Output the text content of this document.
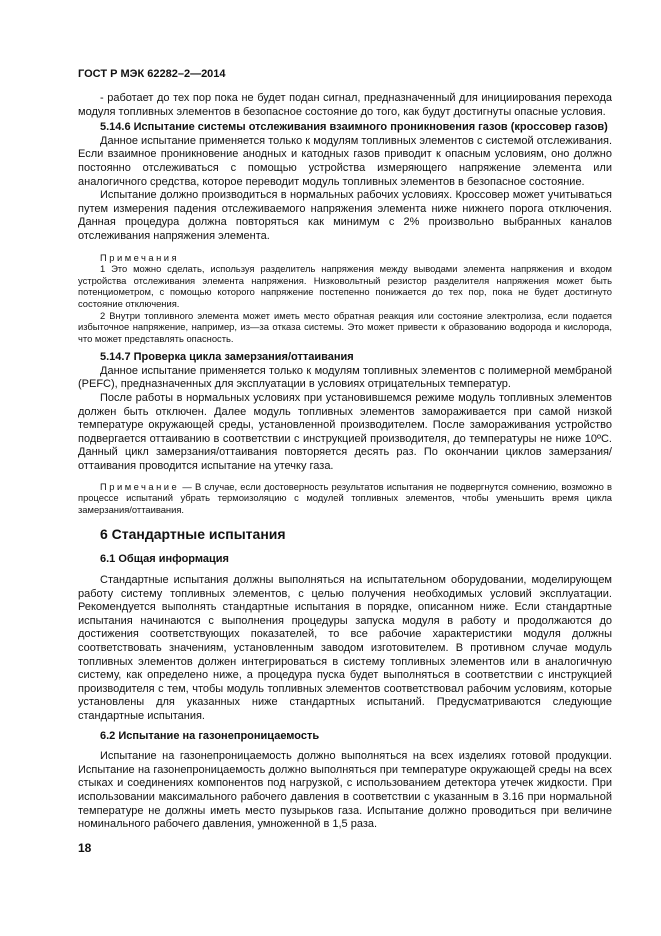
ГОСТ Р МЭК 62282–2—2014

- работает до тех пор пока не будет подан сигнал, предназначенный для инициирования перехода модуля топливных элементов в безопасное состояние до того, как будут достигнуты опасные условия.

5.14.6 Испытание системы отслеживания взаимного проникновения газов (кроссовер газов)

Данное испытание применяется только к модулям топливных элементов с системой отслеживания. Если взаимное проникновение анодных и катодных газов приводит к опасным условиям, оно должно постоянно отслеживаться с помощью устройства измеряющего напряжение элемента или аналогичного средства, которое переводит модуль топливных элементов в безопасное состояние.

Испытание должно производиться в нормальных рабочих условиях. Кроссовер может учитываться путем измерения падения отслеживаемого напряжения элемента ниже нижнего порога отключения. Данная процедура должна повторяться как минимум с 2% произвольно выбранных каналов отслеживания напряжения элемента.

Примечания

1 Это можно сделать, используя разделитель напряжения между выводами элемента напряжения и входом устройства отслеживания элемента напряжения. Низковольтный резистор разделителя напряжения может быть потенциометром, с помощью которого напряжение постепенно понижается до тех пор, пока не будет достигнуто состояние отключения.

2 Внутри топливного элемента может иметь место обратная реакция или состояние электролиза, если подается избыточное напряжение, например, из—за отказа системы. Это может привести к образованию водорода и кислорода, что может представлять опасность.

5.14.7 Проверка цикла замерзания/оттаивания

Данное испытание применяется только к модулям топливных элементов с полимерной мембраной (PEFC), предназначенных для эксплуатации в условиях отрицательных температур.

После работы в нормальных условиях при установившемся режиме модуль топливных элементов должен быть отключен. Далее модуль топливных элементов замораживается при самой низкой температуре окружающей среды, установленной производителем. После замораживания устройство подвергается оттаиванию в соответствии с инструкцией производителя, до температуры не ниже 10ºC. Данный цикл замерзания/оттаивания повторяется десять раз. По окончании циклов замерзания/оттаивания проводится испытание на утечку газа.

Примечание — В случае, если достоверность результатов испытания не подвергнутся сомнению, возможно в процессе испытаний убрать термоизоляцию с модулей топливных элементов, чтобы уменьшить время цикла замерзания/оттаивания.

6 Стандартные испытания
6.1 Общая информация

Стандартные испытания должны выполняться на испытательном оборудовании, моделирующем работу систему топливных элементов, с целью получения необходимых условий эксплуатации. Рекомендуется выполнять стандартные испытания в порядке, описанном ниже. Если стандартные испытания начинаются с выполнения процедуры запуска модуля в работу и продолжаются до достижения соответствующих показателей, то все рабочие характеристики модуля должны соответствовать значениям, установленным заводом изготовителем. В противном случае модуль топливных элементов должен интегрироваться в систему топливных элементов или в аналогичную систему, как определено ниже, а процедура пуска будет выполняться в соответствии с инструкцией производителя с тем, чтобы модуль топливных элементов соответствовал рабочим условиям, которые установлены для указанных ниже стандартных испытаний. Предусматриваются следующие стандартные испытания.

6.2 Испытание на газонепроницаемость

Испытание на газонепроницаемость должно выполняться на всех изделиях готовой продукции. Испытание на газонепроницаемость должно выполняться при температуре окружающей среды на всех стыках и соединениях компонентов под нагрузкой, с использованием детектора утечек жидкости. При использовании максимального рабочего давления в соответствии с указанным в 3.16 при нормальной температуре не должны иметь место пузырьков газа. Испытание должно проводиться при величине номинального рабочего давления, умноженной в 1,5 раза.

18
